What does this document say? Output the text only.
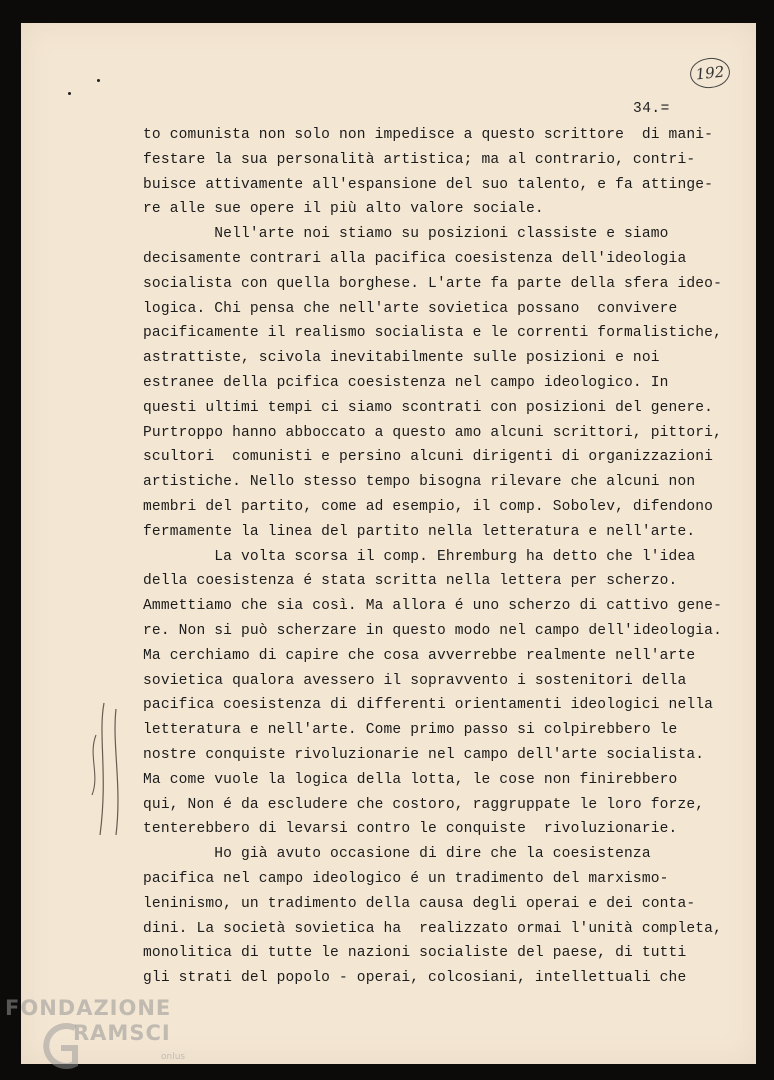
192
34.=
to comunista non solo non impedisce a questo scrittore  di mani-
festare la sua personalità artistica; ma al contrario, contri-
buisce attivamente all'espansione del suo talento, e fa attinge-
re alle sue opere il più alto valore sociale.
Nell'arte noi stiamo su posizioni classiste e siamo
decisamente contrari alla pacifica coesistenza dell'ideologia
socialista con quella borghese. L'arte fa parte della sfera ideo-
logica. Chi pensa che nell'arte sovietica possano  convivere
pacificamente il realismo socialista e le correnti formalistiche,
astrattiste, scivola inevitabilmente sulle posizioni e noi
estranee della pcifica coesistenza nel campo ideologico. In
questi ultimi tempi ci siamo scontrati con posizioni del genere.
Purtroppo hanno abboccato a questo amo alcuni scrittori, pittori,
scultori  comunisti e persino alcuni dirigenti di organizzazioni
artistiche. Nello stesso tempo bisogna rilevare che alcuni non
membri del partito, come ad esempio, il comp. Sobolev, difendono
fermamente la linea del partito nella letteratura e nell'arte.
La volta scorsa il comp. Ehremburg ha detto che l'idea
della coesistenza é stata scritta nella lettera per scherzo.
Ammettiamo che sia così. Ma allora é uno scherzo di cattivo gene-
re. Non si può scherzare in questo modo nel campo dell'ideologia.
Ma cerchiamo di capire che cosa avverrebbe realmente nell'arte
sovietica qualora avessero il sopravvento i sostenitori della
pacifica coesistenza di differenti orientamenti ideologici nella
letteratura e nell'arte. Come primo passo si colpirebbero le
nostre conquiste rivoluzionarie nel campo dell'arte socialista.
Ma come vuole la logica della lotta, le cose non finirebbero
qui, Non é da escludere che costoro, raggruppate le loro forze,
tenterebbero di levarsi contro le conquiste  rivoluzionarie.
Ho già avuto occasione di dire che la coesistenza
pacifica nel campo ideologico é un tradimento del marxismo-
leninismo, un tradimento della causa degli operai e dei conta-
dini. La società sovietica ha  realizzato ormai l'unità completa,
monolitica di tutte le nazioni socialiste del paese, di tutti
gli strati del popolo - operai, colcosiani, intellettuali che
FONDAZIONE
RAMSCI
onlus
